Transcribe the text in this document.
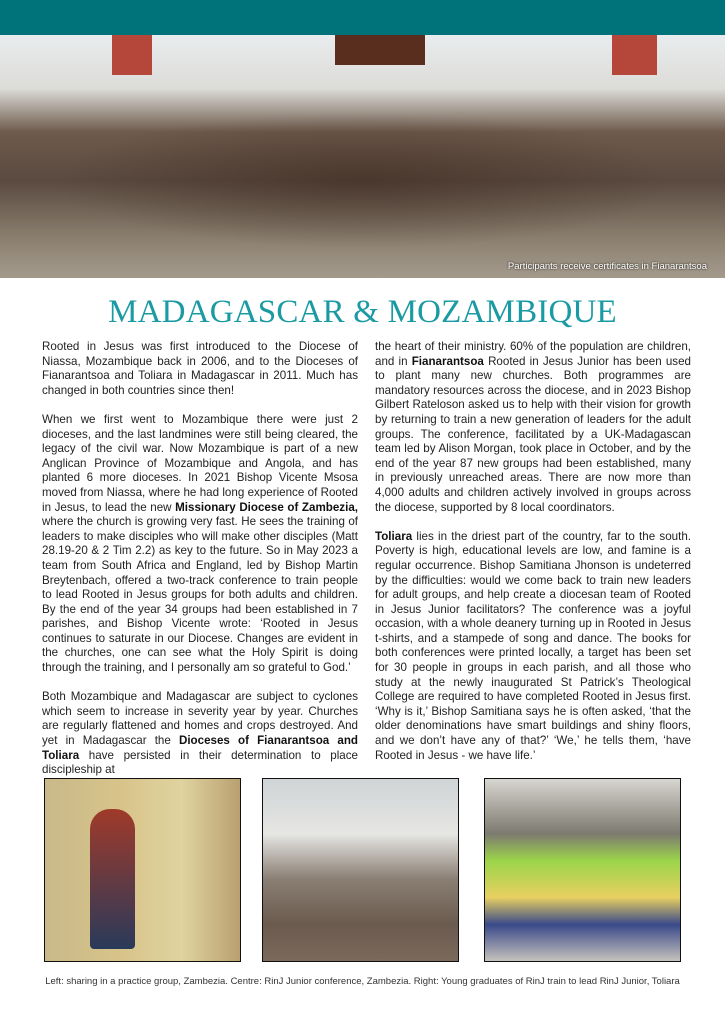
Participants receive certificates in Fianarantsoa
MADAGASCAR & MOZAMBIQUE

Rooted in Jesus was first introduced to the Diocese of Niassa, Mozambique back in 2006, and to the Dioceses of Fianarantsoa and Toliara in Madagascar in 2011. Much has changed in both countries since then!

When we first went to Mozambique there were just 2 dioceses, and the last landmines were still being cleared, the legacy of the civil war. Now Mozambique is part of a new Anglican Province of Mozambique and Angola, and has planted 6 more dioceses. In 2021 Bishop Vicente Msosa moved from Niassa, where he had long experience of Rooted in Jesus, to lead the new Missionary Diocese of Zambezia, where the church is growing very fast. He sees the training of leaders to make disciples who will make other disciples (Matt 28.19-20 & 2 Tim 2.2) as key to the future. So in May 2023 a team from South Africa and England, led by Bishop Martin Breytenbach, offered a two-track conference to train people to lead Rooted in Jesus groups for both adults and children. By the end of the year 34 groups had been established in 7 parishes, and Bishop Vicente wrote: ‘Rooted in Jesus continues to saturate in our Diocese. Changes are evident in the churches, one can see what the Holy Spirit is doing through the training, and I personally am so grateful to God.’

Both Mozambique and Madagascar are subject to cyclones which seem to increase in severity year by year. Churches are regularly flattened and homes and crops destroyed. And yet in Madagascar the Dioceses of Fianarantsoa and Toliara have persisted in their determination to place discipleship at

the heart of their ministry. 60% of the population are children, and in Fianarantsoa Rooted in Jesus Junior has been used to plant many new churches. Both programmes are mandatory resources across the diocese, and in 2023 Bishop Gilbert Rateloson asked us to help with their vision for growth by returning to train a new generation of leaders for the adult groups. The conference, facilitated by a UK-Madagascan team led by Alison Morgan, took place in October, and by the end of the year 87 new groups had been established, many in previously unreached areas. There are now more than 4,000 adults and children actively involved in groups across the diocese, supported by 8 local coordinators.

Toliara lies in the driest part of the country, far to the south. Poverty is high, educational levels are low, and famine is a regular occurrence. Bishop Samitiana Jhonson is undeterred by the difficulties: would we come back to train new leaders for adult groups, and help create a diocesan team of Rooted in Jesus Junior facilitators? The conference was a joyful occasion, with a whole deanery turning up in Rooted in Jesus t-shirts, and a stampede of song and dance. The books for both conferences were printed locally, a target has been set for 30 people in groups in each parish, and all those who study at the newly inaugurated St Patrick’s Theological College are required to have completed Rooted in Jesus first. ‘Why is it,’ Bishop Samitiana says he is often asked, ‘that the older denominations have smart buildings and shiny floors, and we don’t have any of that?’ ‘We,’ he tells them, ‘have Rooted in Jesus - we have life.’

Left: sharing in a practice group, Zambezia. Centre: RinJ Junior conference, Zambezia. Right: Young graduates of RinJ train to lead RinJ Junior, Toliara
